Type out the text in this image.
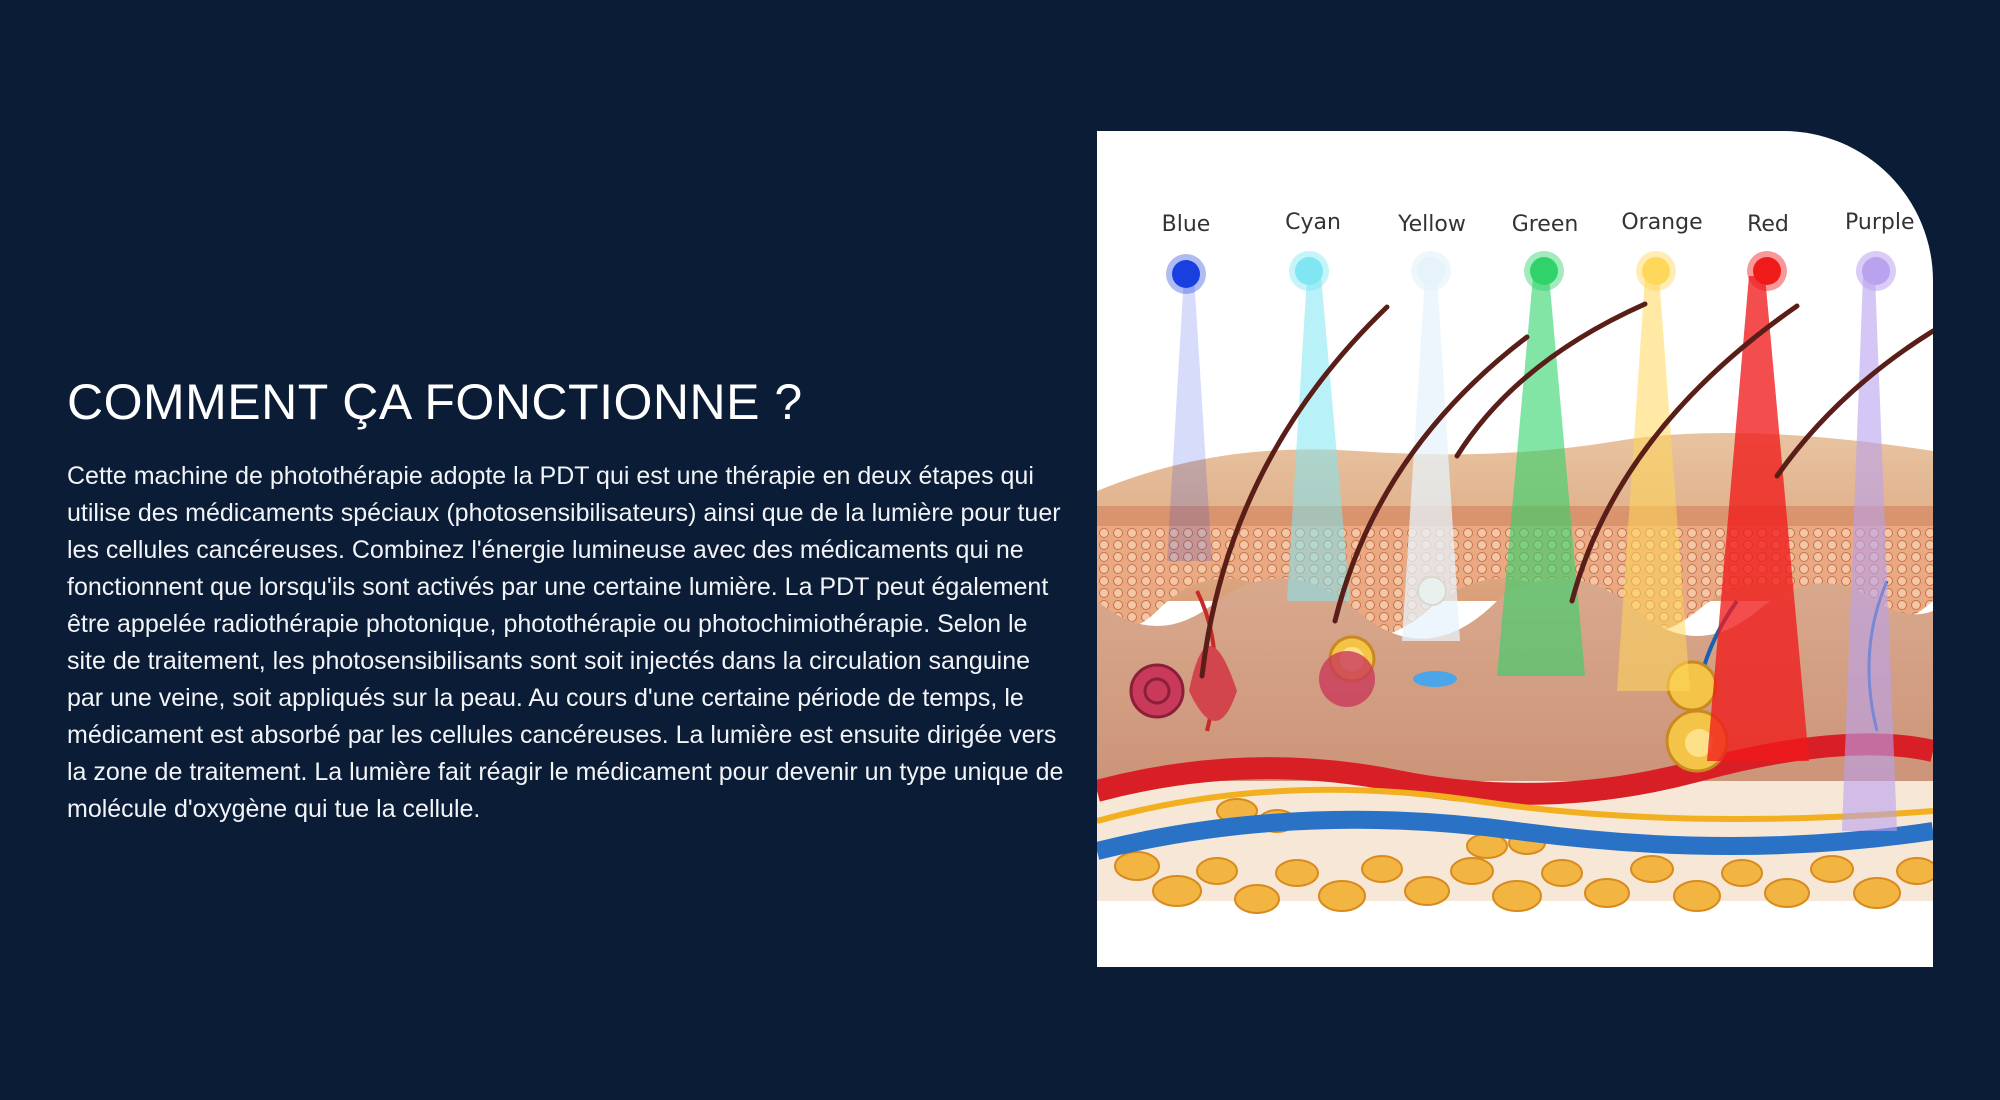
COMMENT ÇA FONCTIONNE ?

Cette machine de photothérapie adopte la PDT qui est une thérapie en deux étapes qui utilise des médicaments spéciaux (photosensibilisateurs) ainsi que de la lumière pour tuer les cellules cancéreuses. Combinez l'énergie lumineuse avec des médicaments qui ne fonctionnent que lorsqu'ils sont activés par une certaine lumière. La PDT peut également être appelée radiothérapie photonique, photothérapie ou photochimiothérapie. Selon le site de traitement, les photosensibilisants sont soit injectés dans la circulation sanguine par une veine, soit appliqués sur la peau. Au cours d'une certaine période de temps, le médicament est absorbé par les cellules cancéreuses. La lumière est ensuite dirigée vers la zone de traitement. La lumière fait réagir le médicament pour devenir un type unique de molécule d'oxygène qui tue la cellule.

Blue	Cyan	Yellow Green Orange Red	Purple
